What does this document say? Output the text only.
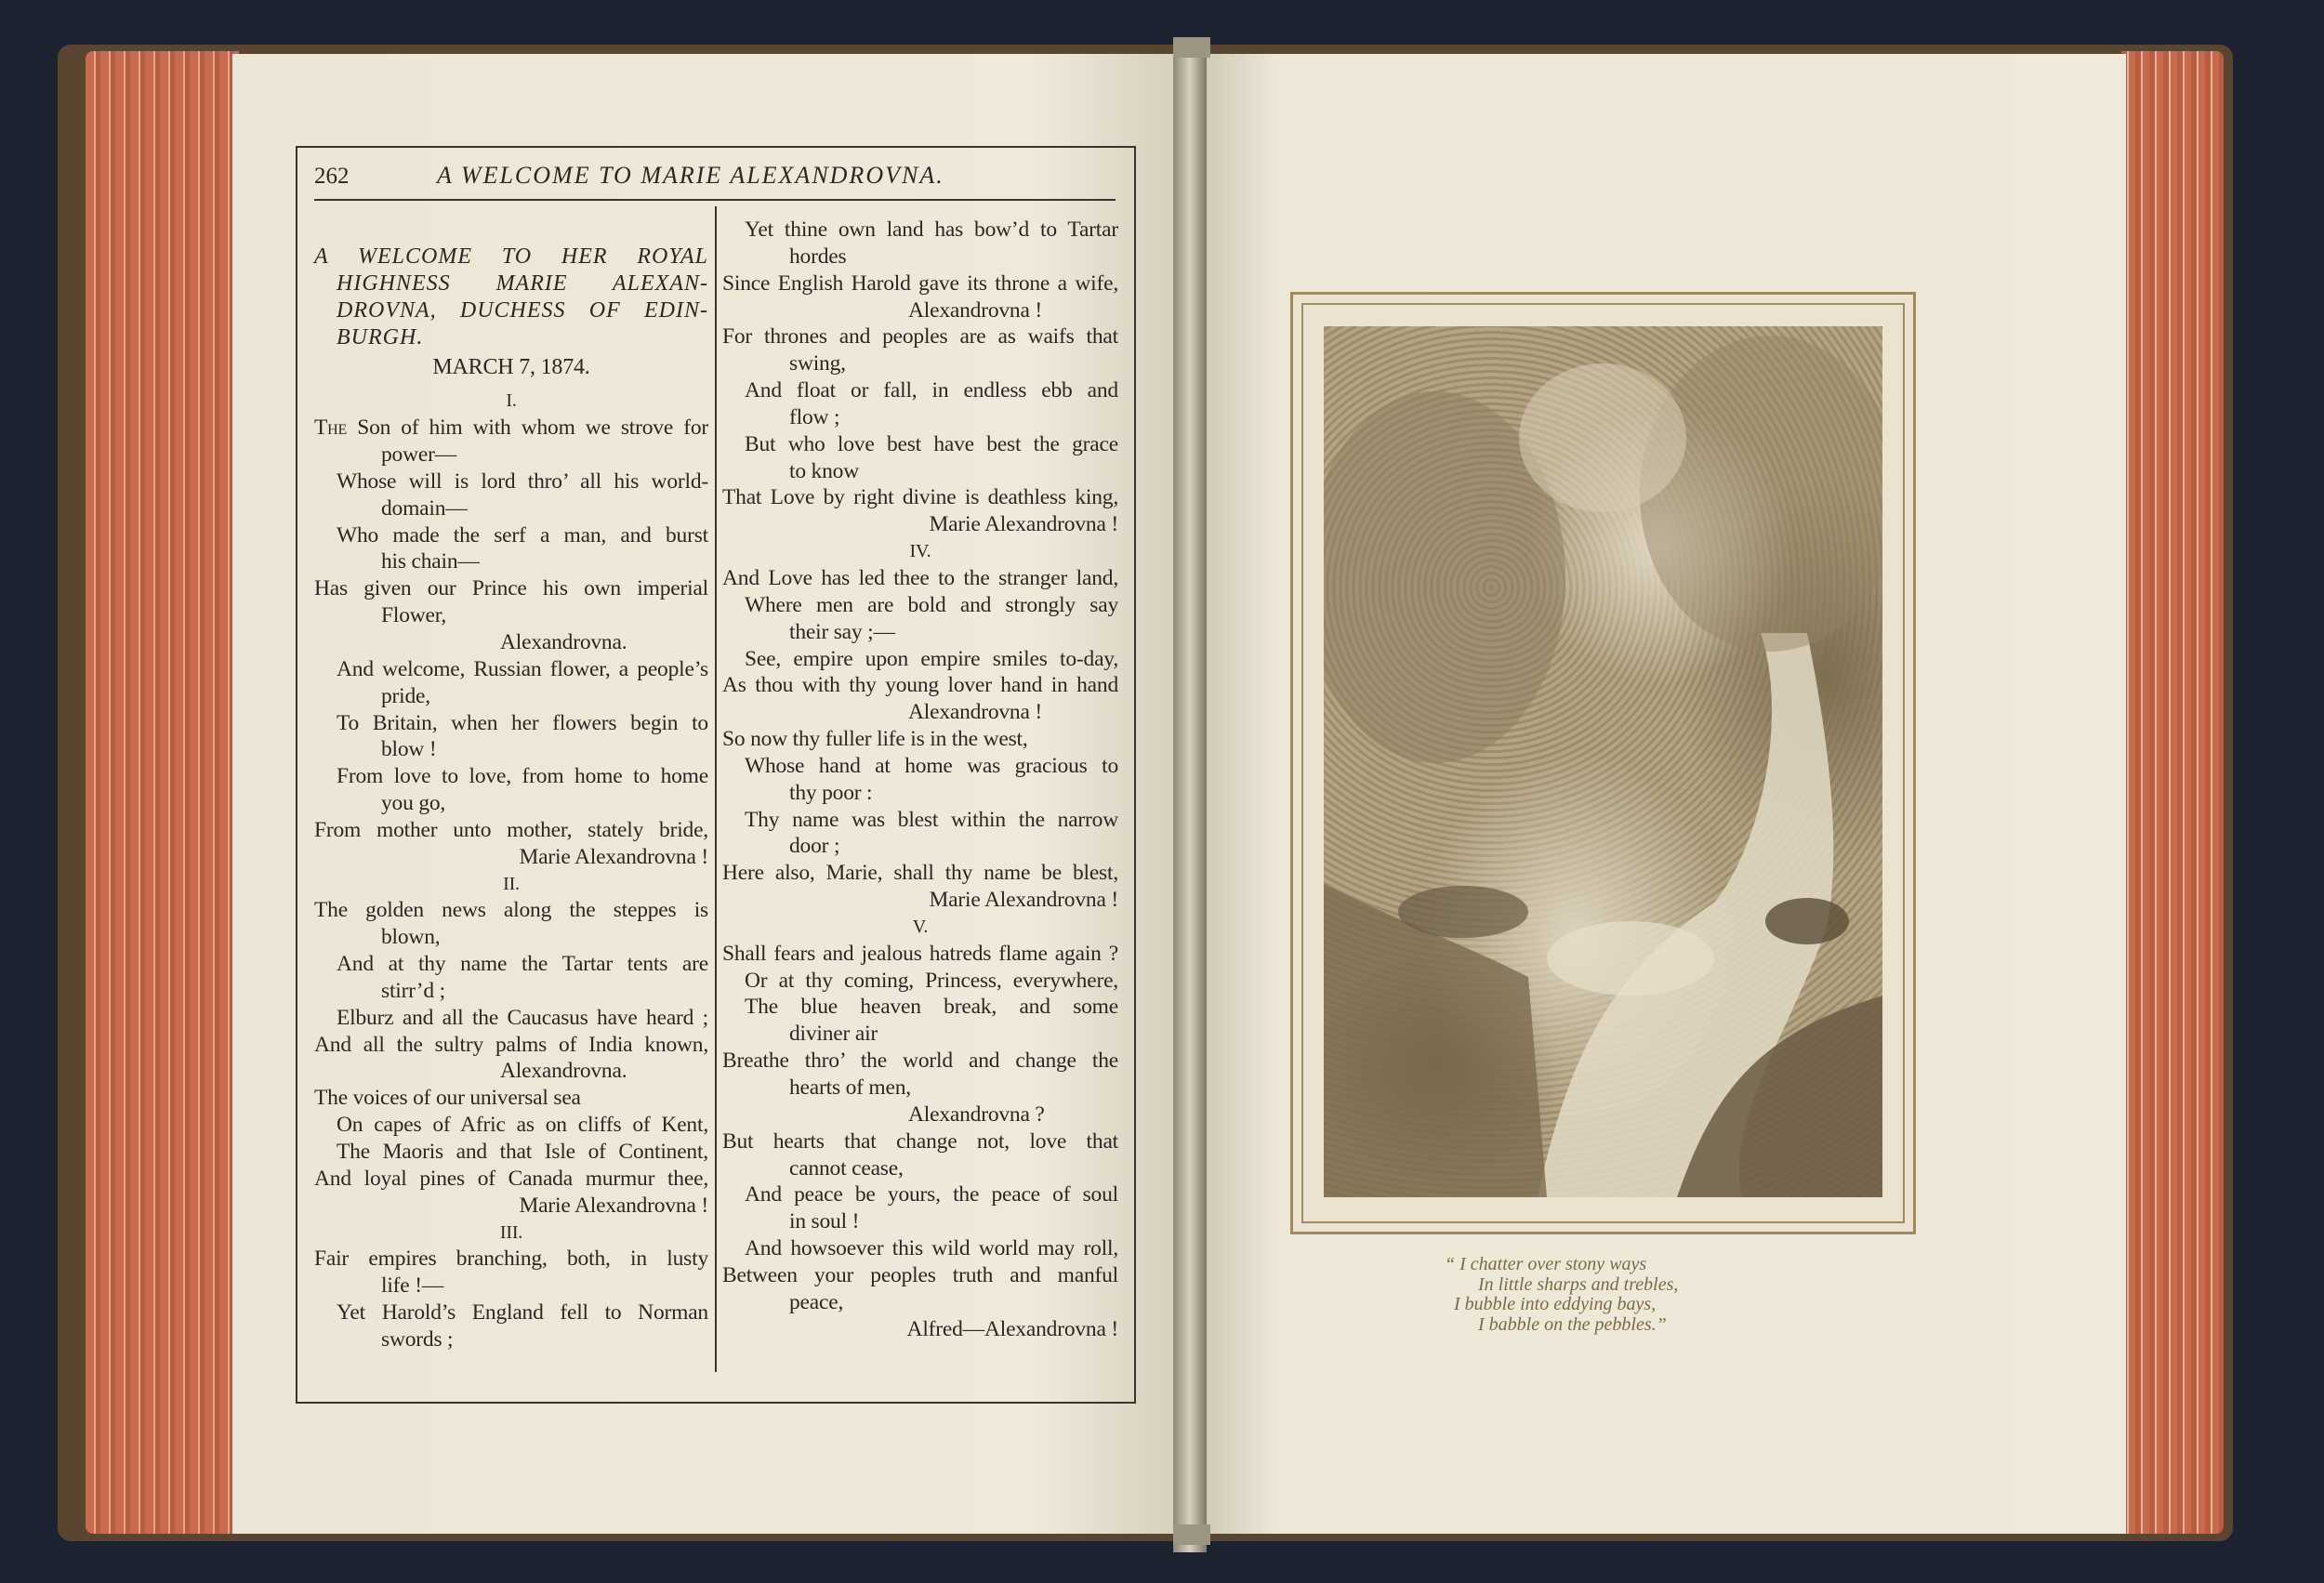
262	A WELCOME TO MARIE ALEXANDROVNA.
A WELCOME TO HER ROYAL
HIGHNESS MARIE ALEXAN-
DROVNA, DUCHESS OF EDIN-
BURGH.
MARCH 7, 1874.
I.
The Son of him with whom we strove for
power—
Whose will is lord thro’ all his world-
domain—
Who made the serf a man, and burst
his chain—
Has given our Prince his own imperial
Flower,
Alexandrovna.
And welcome, Russian flower, a people’s
pride,
To Britain, when her flowers begin to
blow !
From love to love, from home to home
you go,
From mother unto mother, stately bride,
Marie Alexandrovna !
II.
The golden news along the steppes is
blown,
And at thy name the Tartar tents are
stirr’d ;
Elburz and all the Caucasus have heard ;
And all the sultry palms of India known,
Alexandrovna.
The voices of our universal sea
On capes of Afric as on cliffs of Kent,
The Maoris and that Isle of Continent,
And loyal pines of Canada murmur thee,
Marie Alexandrovna !
III.
Fair empires branching, both, in lusty
life !—
Yet Harold’s England fell to Norman
swords ;
Yet thine own land has bow’d to Tartar
hordes
Since English Harold gave its throne a wife,
Alexandrovna !
For thrones and peoples are as waifs that
swing,
And float or fall, in endless ebb and
flow ;
But who love best have best the grace
to know
That Love by right divine is deathless king,
Marie Alexandrovna !
IV.
And Love has led thee to the stranger land,
Where men are bold and strongly say
their say ;—
See, empire upon empire smiles to-day,
As thou with thy young lover hand in hand
Alexandrovna !
So now thy fuller life is in the west,
Whose hand at home was gracious to
thy poor :
Thy name was blest within the narrow
door ;
Here also, Marie, shall thy name be blest,
Marie Alexandrovna !
V.
Shall fears and jealous hatreds flame again ?
Or at thy coming, Princess, everywhere,
The blue heaven break, and some
diviner air
Breathe thro’ the world and change the
hearts of men,
Alexandrovna ?
But hearts that change not, love that
cannot cease,
And peace be yours, the peace of soul
in soul !
And howsoever this wild world may roll,
Between your peoples truth and manful
peace,
Alfred—Alexandrovna !
“ I chatter over stony ways
In little sharps and trebles,
I bubble into eddying bays,
I babble on the pebbles.”
